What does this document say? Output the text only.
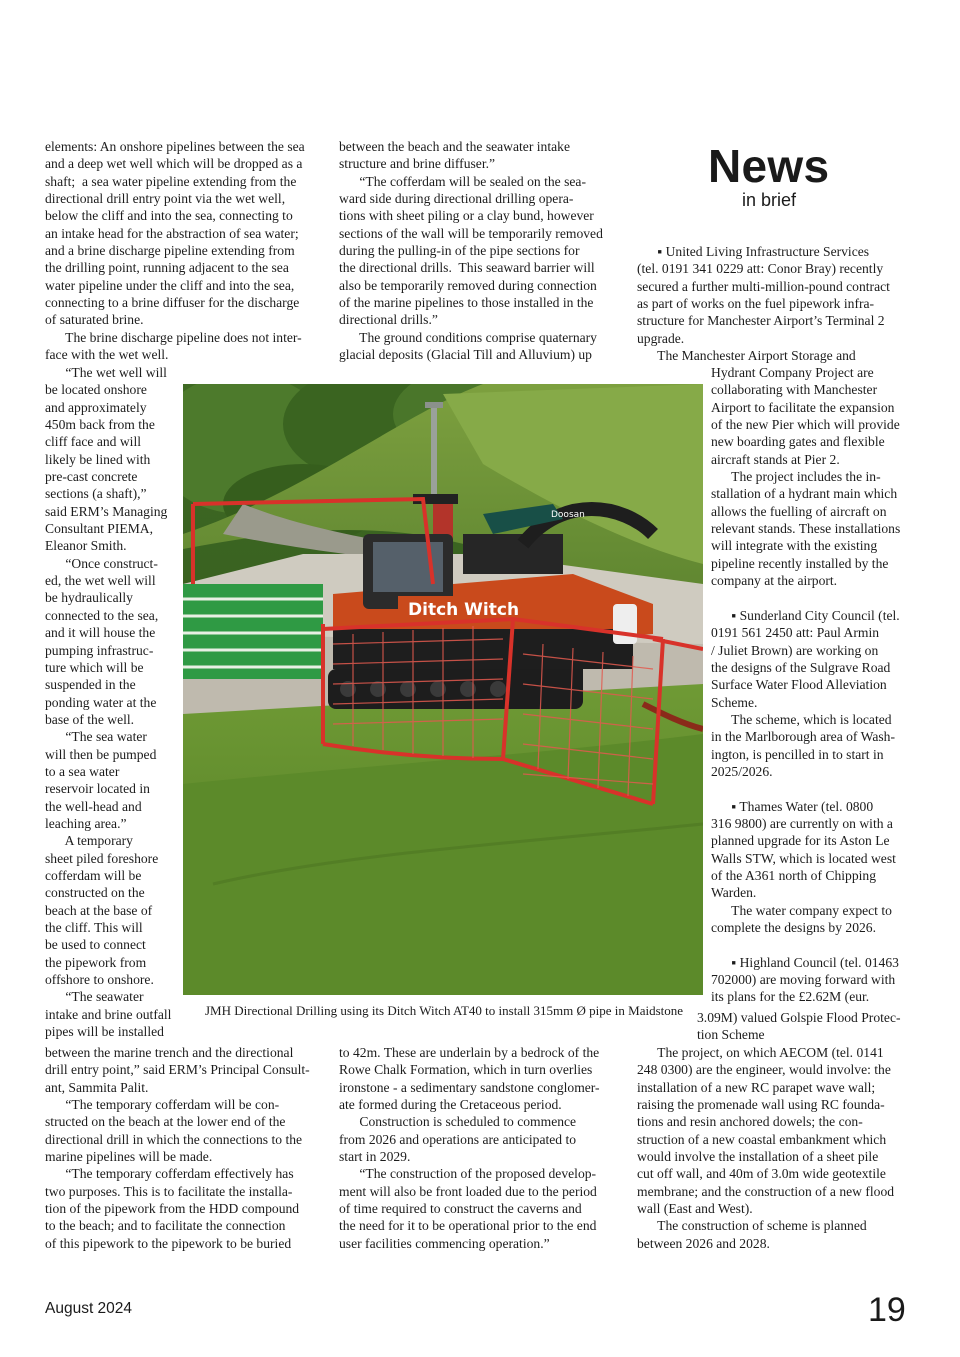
elements: An onshore pipelines between the sea
and a deep wet well which will be dropped as a
shaft;  a sea water pipeline extending from the
directional drill entry point via the wet well,
below the cliff and into the sea, connecting to
an intake head for the abstraction of sea water;
and a brine discharge pipeline extending from
the drilling point, running adjacent to the sea
water pipeline under the cliff and into the sea,
connecting to a brine diffuser for the discharge
of saturated brine.
The brine discharge pipeline does not inter-
face with the wet well.

“The wet well will
be located onshore
and approximately
450m back from the
cliff face and will
likely be lined with
pre-cast concrete
sections (a shaft),”
said ERM’s Managing
Consultant PIEMA,
Eleanor Smith.
“Once construct-
ed, the wet well will
be hydraulically
connected to the sea,
and it will house the
pumping infrastruc-
ture which will be
suspended in the
ponding water at the
base of the well.
“The sea water
will then be pumped
to a sea water
reservoir located in
the well-head and
leaching area.”
A temporary
sheet piled foreshore
cofferdam will be
constructed on the
beach at the base of
the cliff. This will
be used to connect
the pipework from
offshore to onshore.
“The seawater
intake and brine outfall
pipes will be installed

between the marine trench and the directional
drill entry point,” said ERM’s Principal Consult-
ant, Sammita Palit.
“The temporary cofferdam will be con-
structed on the beach at the lower end of the
directional drill in which the connections to the
marine pipelines will be made.
“The temporary cofferdam effectively has
two purposes. This is to facilitate the installa-
tion of the pipework from the HDD compound
to the beach; and to facilitate the connection
of this pipework to the pipework to be buried

between the beach and the seawater intake
structure and brine diffuser.”
“The cofferdam will be sealed on the sea-
ward side during directional drilling opera-
tions with sheet piling or a clay bund, however
sections of the wall will be temporarily removed
during the pulling-in of the pipe sections for
the directional drills.  This seaward barrier will
also be temporarily removed during connection
of the marine pipelines to those installed in the
directional drills.”
The ground conditions comprise quaternary
glacial deposits (Glacial Till and Alluvium) up

to 42m. These are underlain by a bedrock of the
Rowe Chalk Formation, which in turn overlies
ironstone - a sedimentary sandstone conglomer-
ate formed during the Cretaceous period.
Construction is scheduled to commence
from 2026 and operations are anticipated to
start in 2029.
“The construction of the proposed develop-
ment will also be front loaded due to the period
of time required to construct the caverns and
the need for it to be operational prior to the end
user facilities commencing operation.”

News

in brief

▪ United Living Infrastructure Services
(tel. 0191 341 0229 att: Conor Bray) recently
secured a further multi-million-pound contract
as part of works on the fuel pipework infra-
structure for Manchester Airport’s Terminal 2
upgrade.
The Manchester Airport Storage and

Hydrant Company Project are
collaborating with Manchester
Airport to facilitate the expansion
of the new Pier which will provide
new boarding gates and flexible
aircraft stands at Pier 2.
The project includes the in-
stallation of a hydrant main which
allows the fuelling of aircraft on
relevant stands. These installations
will integrate with the existing
pipeline recently installed by the
company at the airport.

▪ Sunderland City Council (tel.
0191 561 2450 att: Paul Armin
/ Juliet Brown) are working on
the designs of the Sulgrave Road
Surface Water Flood Alleviation
Scheme.
The scheme, which is located
in the Marlborough area of Wash-
ington, is pencilled in to start in
2025/2026.

▪ Thames Water (tel. 0800
316 9800) are currently on with a
planned upgrade for its Aston Le
Walls STW, which is located west
of the A361 north of Chipping
Warden.
The water company expect to
complete the designs by 2026.

▪ Highland Council (tel. 01463
702000) are moving forward with
its plans for the £2.62M (eur.

3.09M) valued Golspie Flood Protec-
tion Scheme

The project, on which AECOM (tel. 0141
248 0300) are the engineer, would involve: the
installation of a new RC parapet wave wall;
raising the promenade wall using RC founda-
tions and resin anchored dowels; the con-
struction of a new coastal embankment which
would involve the installation of a sheet pile
cut off wall, and 40m of 3.0m wide geotextile
membrane; and the construction of a new flood
wall (East and West).
The construction of scheme is planned
between 2026 and 2028.

Doosan
Ditch Witch

JMH Directional Drilling using its Ditch Witch AT40 to install 315mm Ø pipe in Maidstone

August 2024	19
